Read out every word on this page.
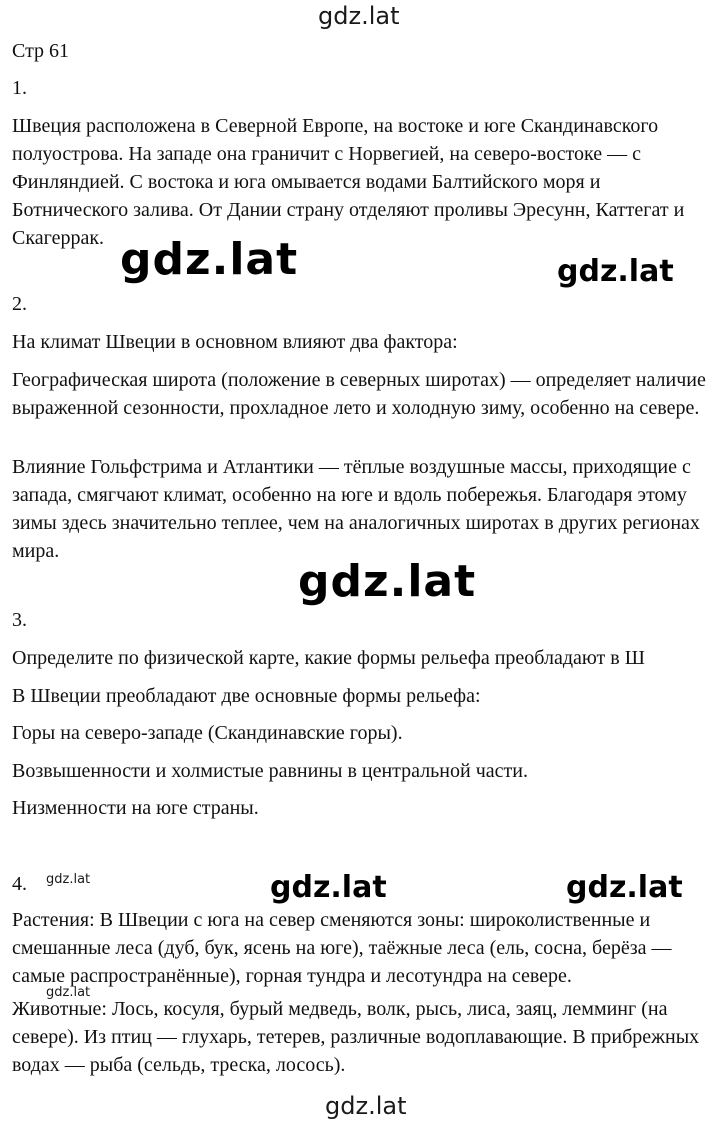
gdz.lat
gdz.lat	gdz.lat
gdz.lat
gdz.lat	gdz.lat
gdz.lat
gdz.lat
gdz.lat
Стр 61
1.
Швеция расположена в Северной Европе, на востоке и юге Скандинавского полуострова. На западе она граничит с Норвегией, на северо-востоке — с Финляндией. С востока и юга омывается водами Балтийского моря и Ботнического залива. От Дании страну отделяют проливы Эресунн, Каттегат и Скагеррак.
2.
На климат Швеции в основном влияют два фактора:
Географическая широта (положение в северных широтах) — определяет наличие выраженной сезонности, прохладное лето и холодную зиму, особенно на севере.
Влияние Гольфстрима и Атлантики — тёплые воздушные массы, приходящие с запада, смягчают климат, особенно на юге и вдоль побережья. Благодаря этому зимы здесь значительно теплее, чем на аналогичных широтах в других регионах мира.
3.
Определите по физической карте, какие формы рельефа преобладают в Ш
В Швеции преобладают две основные формы рельефа:
Горы на северо-западе (Скандинавские горы).
Возвышенности и холмистые равнины в центральной части.
Низменности на юге страны.
4.
Растения: В Швеции с юга на север сменяются зоны: широколиственные и смешанные леса (дуб, бук, ясень на юге), таёжные леса (ель, сосна, берёза — самые распространённые), горная тундра и лесотундра на севере.
Животные: Лось, косуля, бурый медведь, волк, рысь, лиса, заяц, лемминг (на севере). Из птиц — глухарь, тетерев, различные водоплавающие. В прибрежных водах — рыба (сельдь, треска, лосось).
